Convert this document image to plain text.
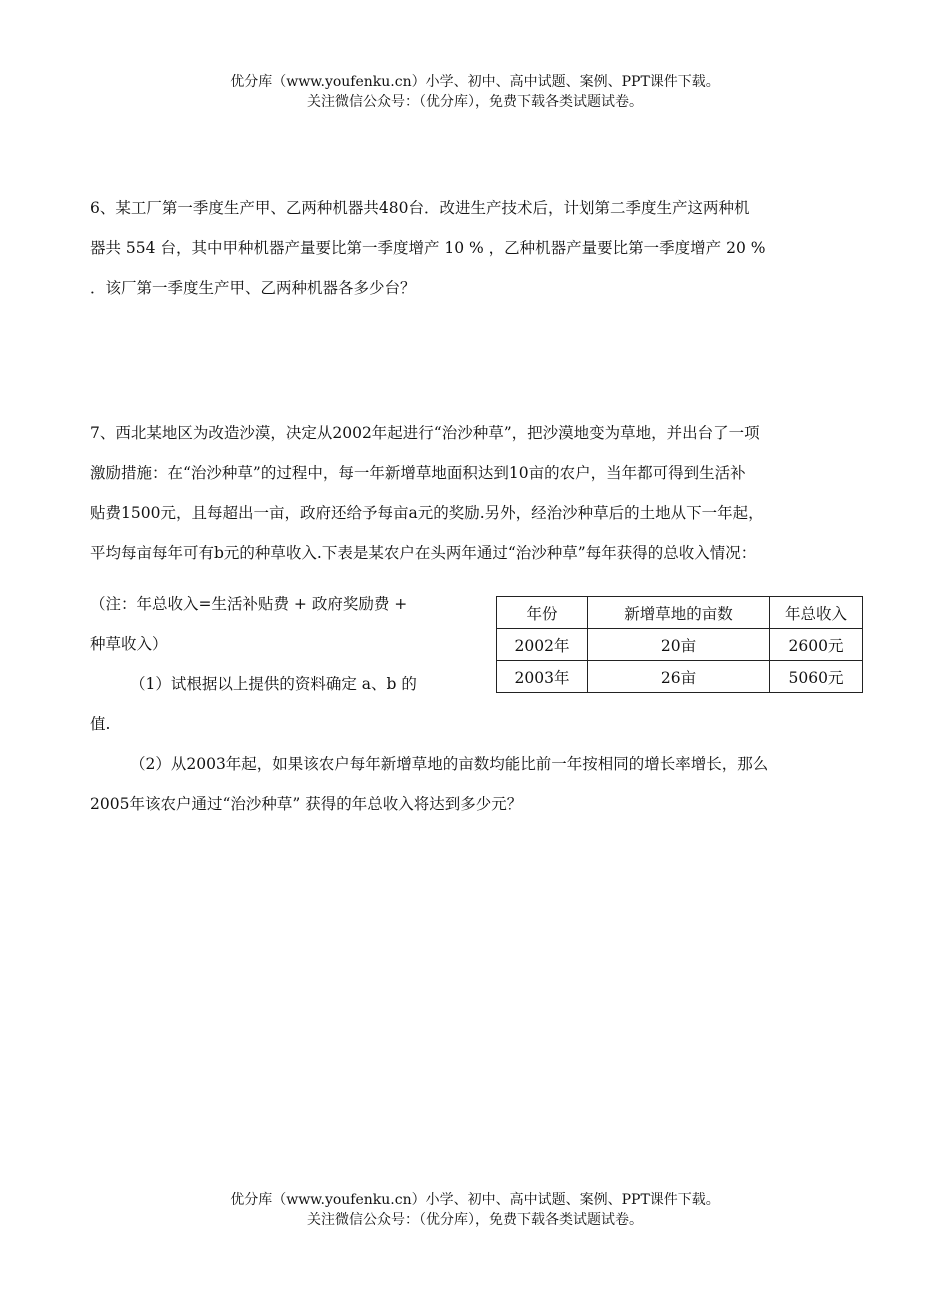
优分库（www.youfenku.cn）小学、初中、高中试题、案例、PPT课件下载。
关注微信公众号：（优分库），免费下载各类试题试卷。
6、某工厂第一季度生产甲、乙两种机器共480台．改进生产技术后，计划第二季度生产这两种机
器共 554 台，其中甲种机器产量要比第一季度增产 10 % ，乙种机器产量要比第一季度增产 20 %
．该厂第一季度生产甲、乙两种机器各多少台？
7、西北某地区为改造沙漠，决定从2002年起进行“治沙种草”，把沙漠地变为草地，并出台了一项
激励措施：在“治沙种草”的过程中，每一年新增草地面积达到10亩的农户，当年都可得到生活补
贴费1500元，且每超出一亩，政府还给予每亩a元的奖励.另外，经治沙种草后的土地从下一年起，
平均每亩每年可有b元的种草收入.下表是某农户在头两年通过“治沙种草”每年获得的总收入情况：
（注：年总收入=生活补贴费 + 政府奖励费 +
种草收入）
（1）试根据以上提供的资料确定 a、b 的
值.
年份	新增草地的亩数	年总收入
2002年	20亩	2600元
2003年	26亩	5060元
（2）从2003年起，如果该农户每年新增草地的亩数均能比前一年按相同的增长率增长，那么
2005年该农户通过“治沙种草” 获得的年总收入将达到多少元？
优分库（www.youfenku.cn）小学、初中、高中试题、案例、PPT课件下载。
关注微信公众号：（优分库），免费下载各类试题试卷。
